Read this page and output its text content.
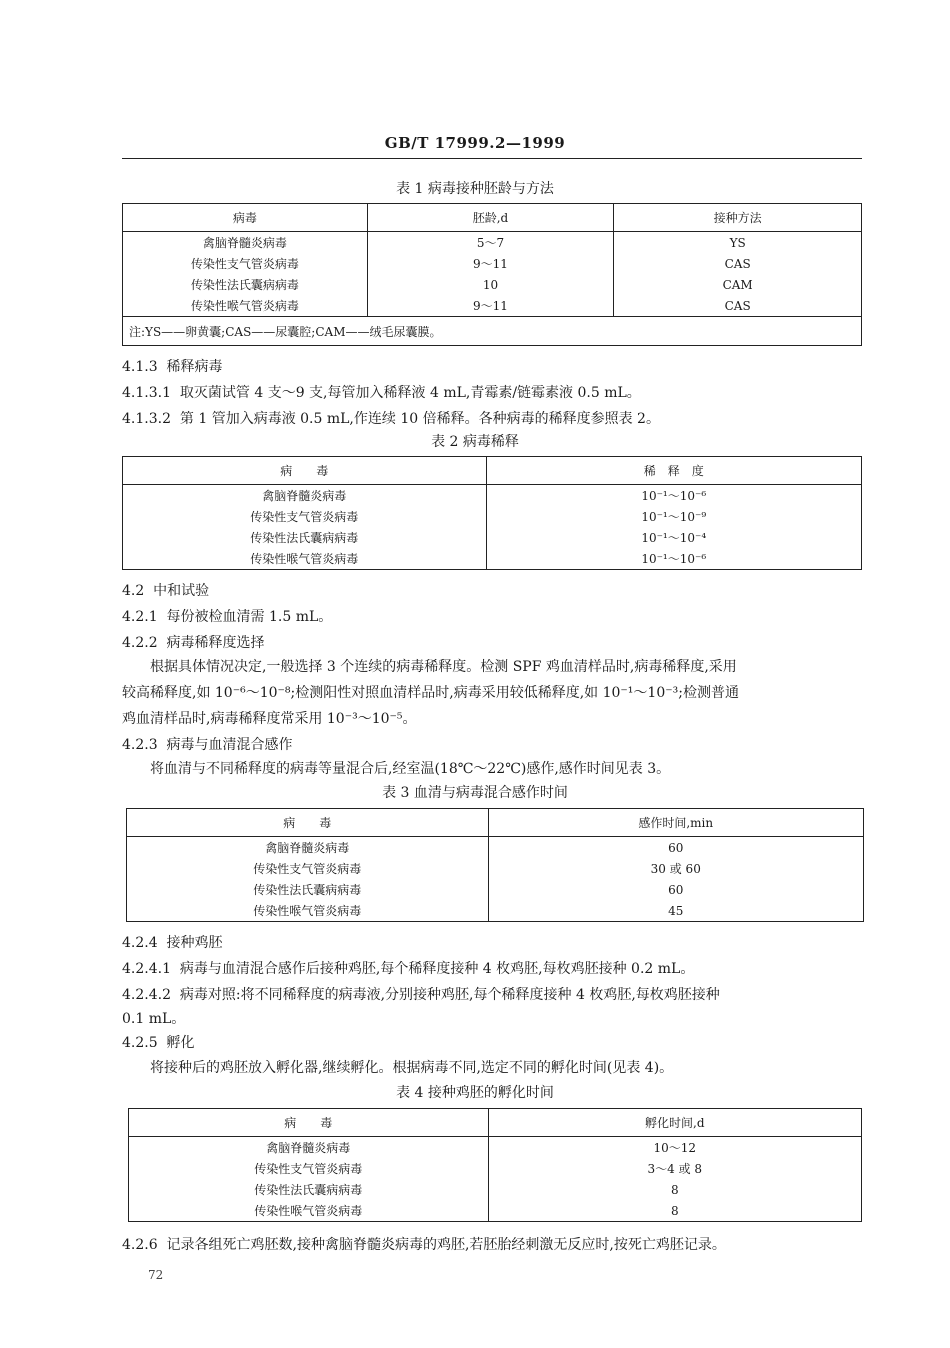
GB/T 17999.2—1999
表 1 病毒接种胚龄与方法
病毒	胚龄,d	接种方法
禽脑脊髓炎病毒	5～7	YS
传染性支气管炎病毒	9～11	CAS
传染性法氏囊病病毒	10	CAM
传染性喉气管炎病毒	9～11	CAS
注:YS——卵黄囊;CAS——尿囊腔;CAM——绒毛尿囊膜。		
4.1.3 稀释病毒
4.1.3.1 取灭菌试管 4 支～9 支,每管加入稀释液 4 mL,青霉素/链霉素液 0.5 mL。
4.1.3.2 第 1 管加入病毒液 0.5 mL,作连续 10 倍稀释。各种病毒的稀释度参照表 2。
表 2 病毒稀释
病　　毒	稀　释　度
禽脑脊髓炎病毒	10⁻¹～10⁻⁶
传染性支气管炎病毒	10⁻¹～10⁻⁹
传染性法氏囊病病毒	10⁻¹～10⁻⁴
传染性喉气管炎病毒	10⁻¹～10⁻⁶
4.2 中和试验
4.2.1 每份被检血清需 1.5 mL。
4.2.2 病毒稀释度选择
根据具体情况决定,一般选择 3 个连续的病毒稀释度。检测 SPF 鸡血清样品时,病毒稀释度,采用
较高稀释度,如 10⁻⁶～10⁻⁸;检测阳性对照血清样品时,病毒采用较低稀释度,如 10⁻¹～10⁻³;检测普通
鸡血清样品时,病毒稀释度常采用 10⁻³～10⁻⁵。
4.2.3 病毒与血清混合感作
将血清与不同稀释度的病毒等量混合后,经室温(18℃～22℃)感作,感作时间见表 3。
表 3 血清与病毒混合感作时间
病　　毒	感作时间,min
禽脑脊髓炎病毒	60
传染性支气管炎病毒	30 或 60
传染性法氏囊病病毒	60
传染性喉气管炎病毒	45
4.2.4 接种鸡胚
4.2.4.1 病毒与血清混合感作后接种鸡胚,每个稀释度接种 4 枚鸡胚,每枚鸡胚接种 0.2 mL。
4.2.4.2 病毒对照:将不同稀释度的病毒液,分别接种鸡胚,每个稀释度接种 4 枚鸡胚,每枚鸡胚接种
0.1 mL。
4.2.5 孵化
将接种后的鸡胚放入孵化器,继续孵化。根据病毒不同,选定不同的孵化时间(见表 4)。
表 4 接种鸡胚的孵化时间
病　　毒	孵化时间,d
禽脑脊髓炎病毒	10～12
传染性支气管炎病毒	3～4 或 8
传染性法氏囊病病毒	8
传染性喉气管炎病毒	8
4.2.6 记录各组死亡鸡胚数,接种禽脑脊髓炎病毒的鸡胚,若胚胎经刺激无反应时,按死亡鸡胚记录。
72
